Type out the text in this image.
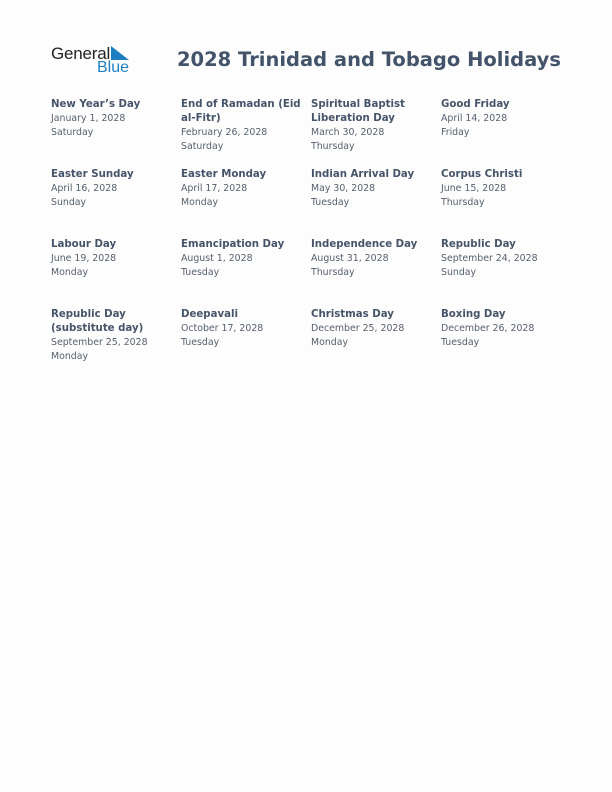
General
Blue 2028 Trinidad and Tobago Holidays
New Year’s Day
January 1, 2028
Saturday
End of Ramadan (Eid al-Fitr)
February 26, 2028
Saturday
Spiritual Baptist Liberation Day
March 30, 2028
Thursday
Good Friday
April 14, 2028
Friday
Easter Sunday
April 16, 2028
Sunday
Easter Monday
April 17, 2028
Monday
Indian Arrival Day
May 30, 2028
Tuesday
Corpus Christi
June 15, 2028
Thursday
Labour Day
June 19, 2028
Monday
Emancipation Day
August 1, 2028
Tuesday
Independence Day
August 31, 2028
Thursday
Republic Day
September 24, 2028
Sunday
Republic Day (substitute day)
September 25, 2028
Monday
Deepavali
October 17, 2028
Tuesday
Christmas Day
December 25, 2028
Monday
Boxing Day
December 26, 2028
Tuesday
